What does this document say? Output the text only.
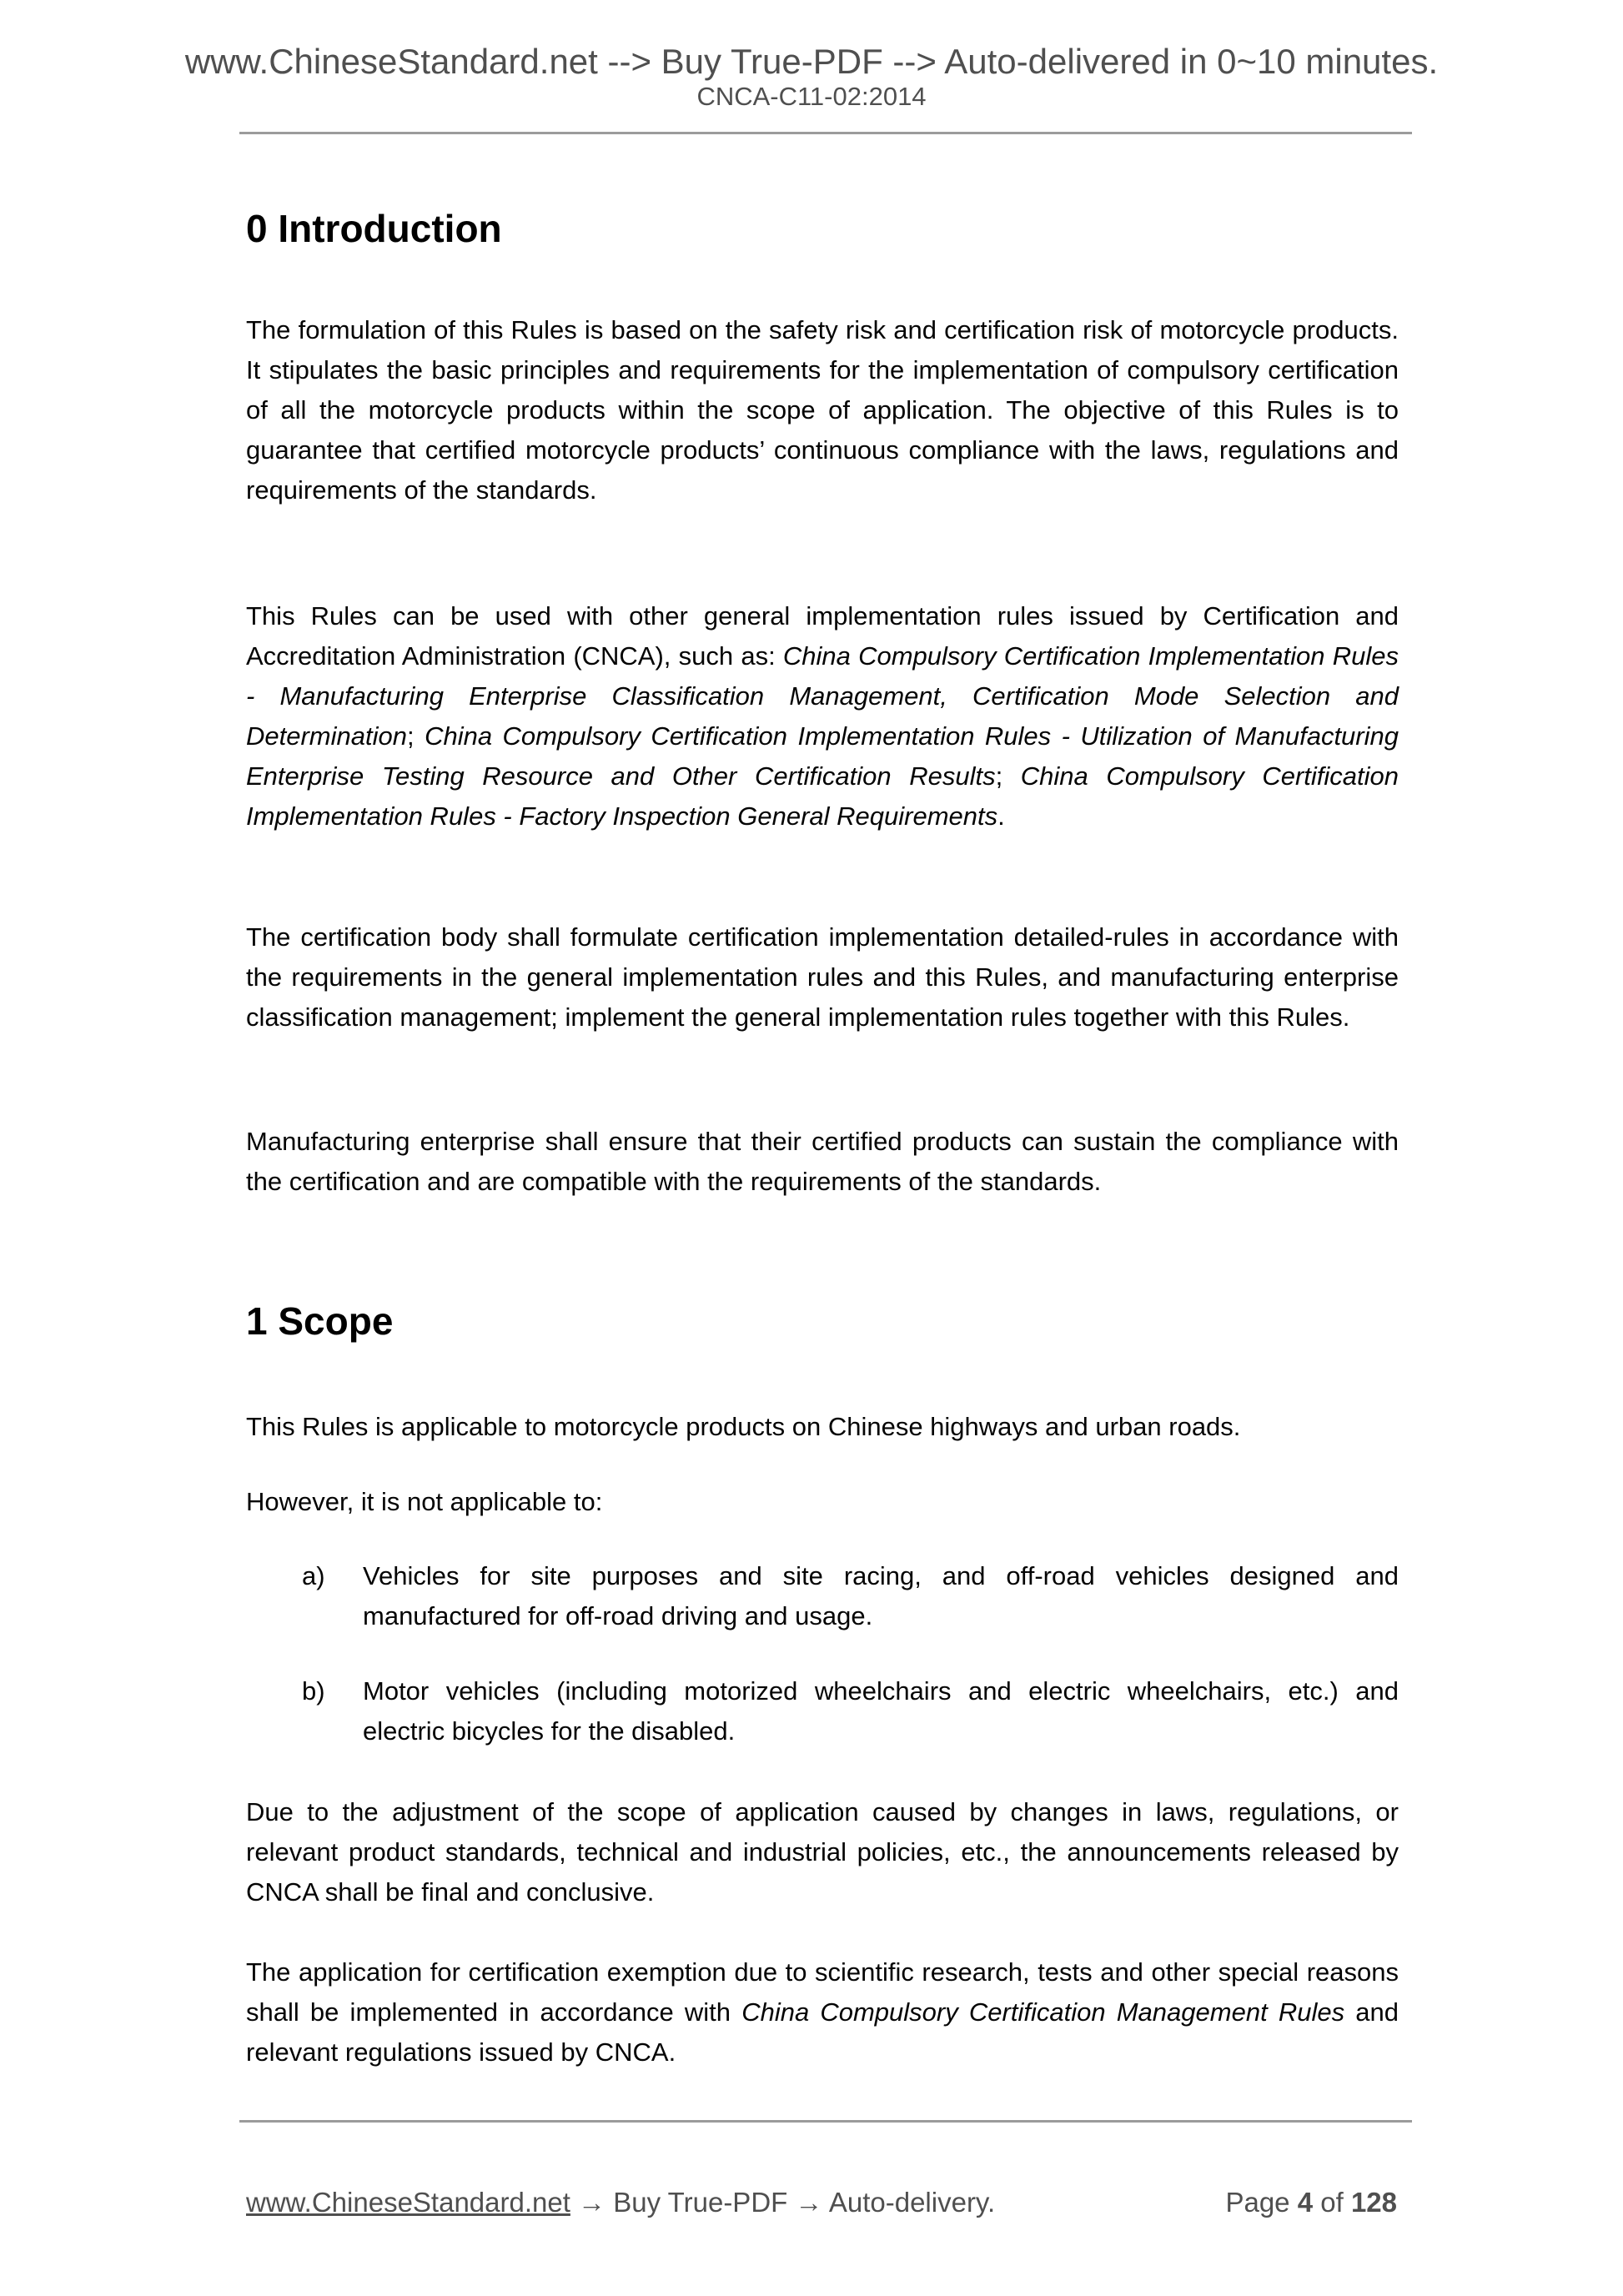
www.ChineseStandard.net --> Buy True-PDF --> Auto-delivered in 0~10 minutes.
CNCA-C11-02:2014
0 Introduction

The formulation of this Rules is based on the safety risk and certification risk of motorcycle products. It stipulates the basic principles and requirements for the implementation of compulsory certification of all the motorcycle products within the scope of application. The objective of this Rules is to guarantee that certified motorcycle products’ continuous compliance with the laws, regulations and requirements of the standards.

This Rules can be used with other general implementation rules issued by Certification and Accreditation Administration (CNCA), such as: China Compulsory Certification Implementation Rules - Manufacturing Enterprise Classification Management, Certification Mode Selection and Determination; China Compulsory Certification Implementation Rules - Utilization of Manufacturing Enterprise Testing Resource and Other Certification Results; China Compulsory Certification Implementation Rules - Factory Inspection General Requirements.

The certification body shall formulate certification implementation detailed-rules in accordance with the requirements in the general implementation rules and this Rules, and manufacturing enterprise classification management; implement the general implementation rules together with this Rules.

Manufacturing enterprise shall ensure that their certified products can sustain the compliance with the certification and are compatible with the requirements of the standards.

1 Scope

This Rules is applicable to motorcycle products on Chinese highways and urban roads.

However, it is not applicable to:

a) Vehicles for site purposes and site racing, and off-road vehicles designed and manufactured for off-road driving and usage.
b) Motor vehicles (including motorized wheelchairs and electric wheelchairs, etc.) and electric bicycles for the disabled.

Due to the adjustment of the scope of application caused by changes in laws, regulations, or relevant product standards, technical and industrial policies, etc., the announcements released by CNCA shall be final and conclusive.

The application for certification exemption due to scientific research, tests and other special reasons shall be implemented in accordance with China Compulsory Certification Management Rules and relevant regulations issued by CNCA.

www.ChineseStandard.net → Buy True-PDF → Auto-delivery.	Page 4 of 128
